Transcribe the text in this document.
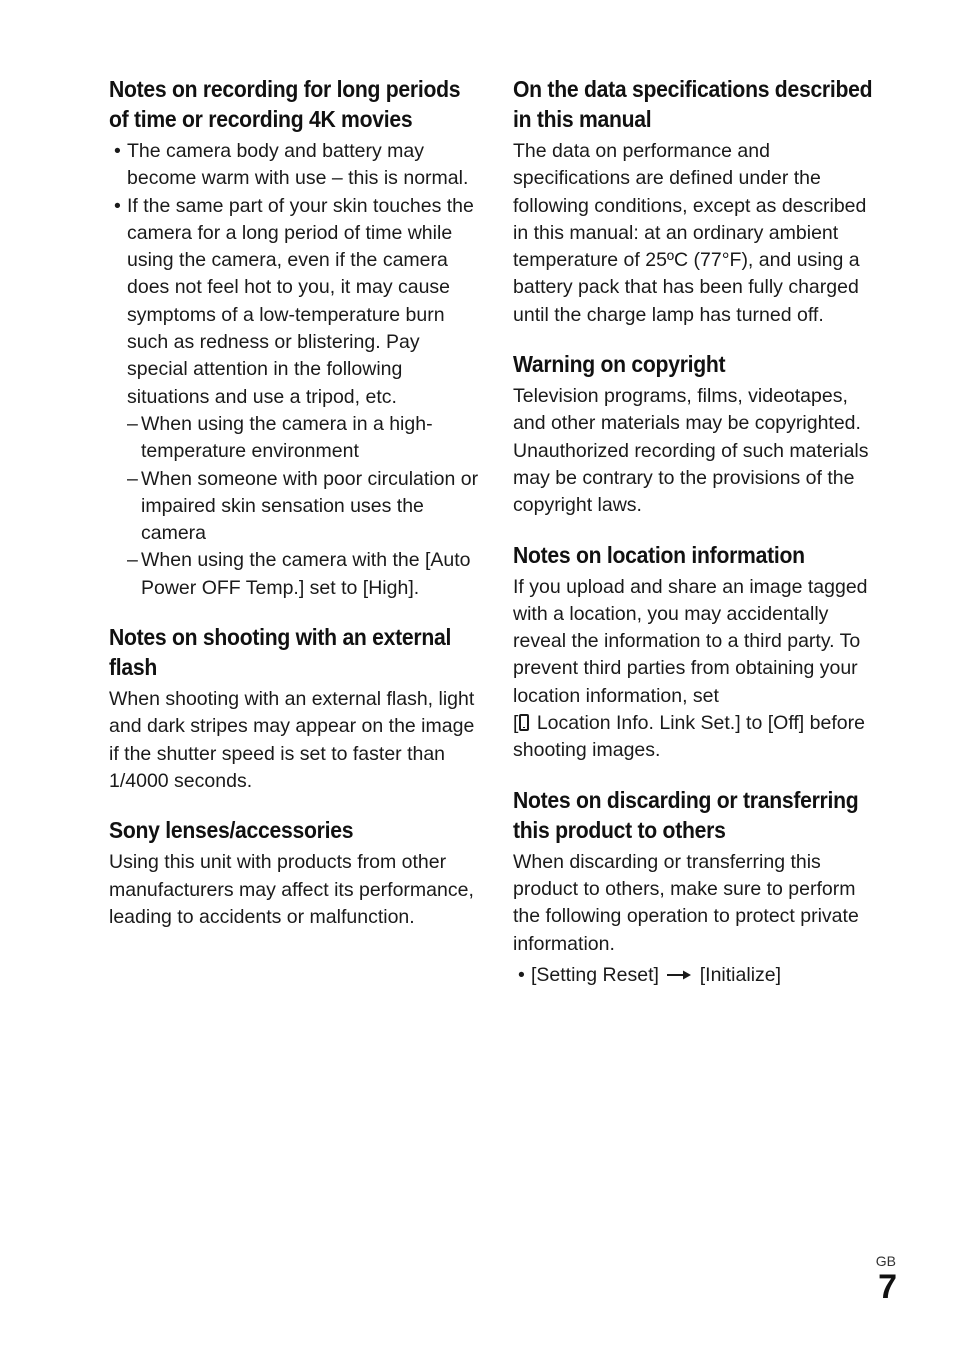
Notes on recording for long periods of time or recording 4K movies
• The camera body and battery may become warm with use – this is normal.
• If the same part of your skin touches the camera for a long period of time while using the camera, even if the camera does not feel hot to you, it may cause symptoms of a low-temperature burn such as redness or blistering. Pay special attention in the following situations and use a tripod, etc.
– When using the camera in a high-temperature environment
– When someone with poor circulation or impaired skin sensation uses the camera
– When using the camera with the [Auto Power OFF Temp.] set to [High].
Notes on shooting with an external flash

When shooting with an external flash, light and dark stripes may appear on the image if the shutter speed is set to faster than 1/4000 seconds.

Sony lenses/accessories

Using this unit with products from other manufacturers may affect its performance, leading to accidents or malfunction.

On the data specifications described in this manual

The data on performance and specifications are defined under the following conditions, except as described in this manual: at an ordinary ambient temperature of 25ºC (77°F), and using a battery pack that has been fully charged until the charge lamp has turned off.

Warning on copyright

Television programs, films, videotapes, and other materials may be copyrighted. Unauthorized recording of such materials may be contrary to the provisions of the copyright laws.

Notes on location information

If you upload and share an image tagged with a location, you may accidentally reveal the information to a third party. To prevent third parties from obtaining your location information, set
[ Location Info. Link Set.] to [Off] before shooting images.

Notes on discarding or transferring this product to others

When discarding or transferring this product to others, make sure to perform the following operation to protect private information.

• [Setting Reset] [Initialize]
GB
7
